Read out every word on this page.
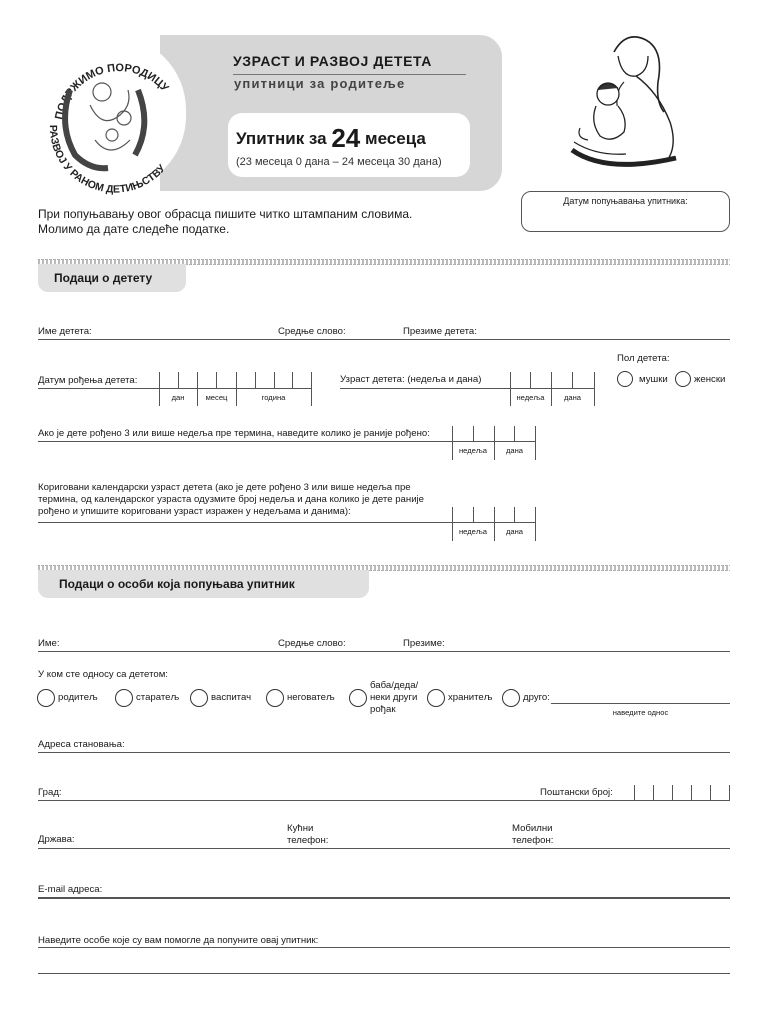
ПОДРЖИМО ПОРОДИЦУ
РАЗВОЈ У РАНОМ ДЕТИЊСТВУ
УЗРАСТ И РАЗВОЈ ДЕТЕТА
упитници за родитеље
Упитник за 24 месеца
(23 месеца 0 дана – 24 месеца 30 дана)
Датум попуњавања упитника:
При попуњавању овог обрасца пишите читко штампаним словима.
Молимо да дате следеће податке.
Подаци о детету
Име детета:	Средње слово:	Презиме детета:
Пол детета:
мушки	женски
Датум рођења детета:
дан	месец	година
Узраст детета: (недеља и дана)
недеља	дана
Ако је дете рођено 3 или више недеља пре термина, наведите колико је раније рођено:
недеља	дана
Кориговани календарски узраст детета (ако је дете рођено 3 или више недеља пре
термина, од календарског узраста одузмите број недеља и дана колико је дете раније
рођено и упишите кориговани узраст изражен у недељама и данима):
недеља	дана
Подаци о особи која попуњава упитник
Име:	Средње слово:	Презиме:
У ком сте односу са дететом:
родитељ	старатељ	васпитач	неговатељ
баба/деда/
неки други
рођак
хранитељ	друго:
наведите однос
Адреса становања:
Град:	Поштански број:
Држава:
Кућни
телефон:
Мобилни
телефон:
E-mail адреса:
Наведите особе које су вам помогле да попуните овај упитник:
